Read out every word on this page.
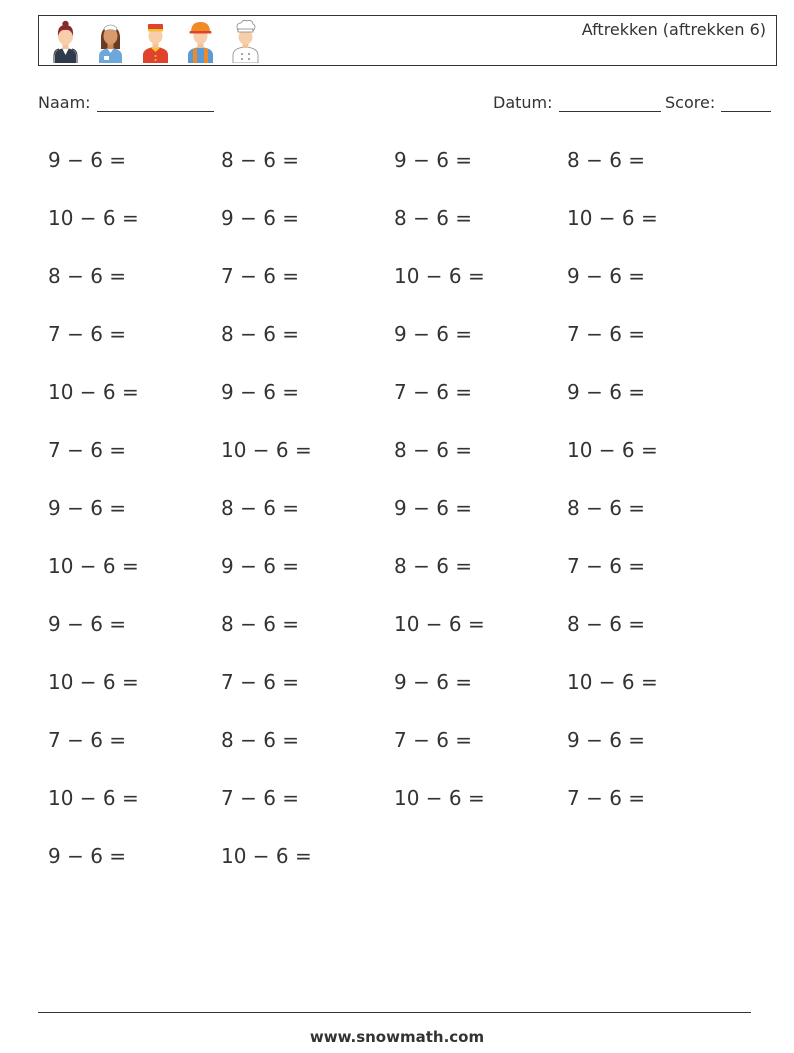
Aftrekken (aftrekken 6)
Naam:	Datum:	Score:
9 − 6 =	8 − 6 =	9 − 6 =	8 − 6 =
10 − 6 =	9 − 6 =	8 − 6 =	10 − 6 =
8 − 6 =	7 − 6 =	10 − 6 =	9 − 6 =
7 − 6 =	8 − 6 =	9 − 6 =	7 − 6 =
10 − 6 =	9 − 6 =	7 − 6 =	9 − 6 =
7 − 6 =	10 − 6 =	8 − 6 =	10 − 6 =
9 − 6 =	8 − 6 =	9 − 6 =	8 − 6 =
10 − 6 =	9 − 6 =	8 − 6 =	7 − 6 =
9 − 6 =	8 − 6 =	10 − 6 =	8 − 6 =
10 − 6 =	7 − 6 =	9 − 6 =	10 − 6 =
7 − 6 =	8 − 6 =	7 − 6 =	9 − 6 =
10 − 6 =	7 − 6 =	10 − 6 =	7 − 6 =
9 − 6 =	10 − 6 =
www.snowmath.com
